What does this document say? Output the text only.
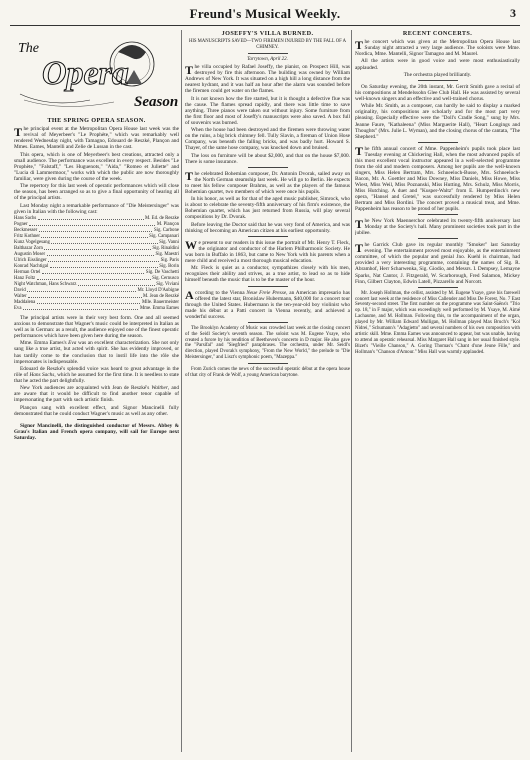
Freund's Musical Weekly.	3
The
Opera
Season

THE SPRING OPERA SEASON.

The principal event at the Metropolitan Opera House last week was the revival of Meyerbeer's "Le Prophète," which was remarkably well rendered Wednesday night, with Tamagno, Edouard de Reszké, Plançon and Mmes. Eames, Mantelli and Zelie de Lussan in the cast.

This opera, which is one of Meyerbeer's best creations, attracted only a small audience. The performance was excellent in every respect. Besides "Le Prophète," "Falstaff," "Les Huguenots," "Aida," "Romeo et Juliette" and "Lucia di Lammermoor," works with which the public are now thoroughly familiar, were given during the course of the week.

The repertory for this last week of operatic performances which will close the season, has been arranged so as to give a final opportunity of hearing all of the principal artists.

Last Monday night a remarkable performance of "Die Meistersinger" was given in Italian with the following cast:

Hans Sachs	M. Ed. de Reszke
Pogner	M. Plançon
Beckmesser	Sig. Carbone
Fritz Kothner	Sig. Campanari
Kunz Vogelgesang	Sig. Vanni
Balthazar Zorn	Sig. Rinaldini
Augustin Moser	Sig. Maestri
Ulrich Eisslinger	Sig. Paris
Konrad Nachtigal	Sig. Borin
Herman Ortel	Sig. De Vaschetti
Hanz Foltz	Sig. Cernusco
Night Watchman, Hans Schwarz	Sig. Viviani
David	Mr. Lloyd D'Aubigne
Walter	M. Jean de Reszké
Maddalena	Mlle. Bauermeister
Eva	Mme. Emma Eames

The principal artists were in their very best form. One and all seemed anxious to demonstrate that Wagner's music could be interpreted in Italian as well as in German: as a result, the audience enjoyed one of the finest operatic performances which have been given here during the season.

Mme. Emma Eames's Eva was an excellent characterization. She not only sang like a true artist, but acted with spirit. She has evidently improved, or has tardily come to the conclusion that to instil life into the rôle she impersonates is indispensable.

Edouard de Reszké's splendid voice was heard to great advantage in the rôle of Hans Sachs, which he assumed for the first time. It is needless to state that he acted the part delightfully.

New York audiences are acquainted with Jean de Reszké's Walther, and are aware that it would be difficult to find another tenor capable of impersonating the part with such artistic finish.

Plançon sang with excellent effect, and Signor Mancinelli fully demonstrated that he could conduct Wagner's music as well as any other.

Signor Mancinelli, the distinguished conductor of Messrs. Abbey & Grau's Italian and French opera company, will sail for Europe next Saturday.

JOSEFFY'S VILLA BURNED.

HIS MANUSCRIPTS SAVED—TWO FIREMEN INJURED BY THE FALL OF A CHIMNEY.

Tarrytown, April 22.

The villa occupied by Rafael Joseffy, the pianist, on Prospect Hill, was destroyed by fire this afternoon. The building was owned by William Andrews of New York. It was situated on a high hill a long distance from the nearest hydrant, and it was half an hour after the alarm was sounded before the firemen could get water on the flames.

It is not known how the fire started, but it is thought a defective flue was the cause. The flames spread rapidly, and there was little time to save anything. Three pianos were taken out without injury. Some furniture from the first floor and most of Joseffy's manuscripts were also saved. A box full of souvenirs was burned.

When the house had been destroyed and the firemen were throwing water on the ruins, a big brick chimney fell. Tully Slavin, a fireman of Union Hose Company, was beneath the falling bricks, and was badly hurt. Howard S. Thayer, of the same hose company, was knocked down and bruised.

The loss on furniture will be about $2,000, and that on the house $7,000. There is some insurance.

The celebrated Bohemian composer, Dr. Antonin Dvorak, sailed away on the North German steamship last week. He will go to Berlin. He expects to meet his fellow composer Brahms, as well as the players of the famous Bohemian quartet, two members of which were once his pupils.

In his honor, as well as for that of the aged music publisher, Simrock, who is about to celebrate the seventy-fifth anniversary of his firm's existence, the Bohemian quartet, which has just returned from Russia, will play several compositions by Dr. Dvorak.

Before leaving the Doctor said that he was very fond of America, and was thinking of becoming an American citizen at his earliest opportunity.

We present to our readers in this issue the portrait of Mr. Henry T. Fleck, the originator and conductor of the Harlem Philharmonic Society. He was born in Buffalo in 1863, but came to New York with his parents when a mere child and received a most thorough musical education.

Mr. Fleck is quiet as a conductor, sympathizes closely with his men, recognizes their ability and strives, as a true artist, to lead so as to hide himself beneath the music that is to be the master of the hour.

According to the Vienna Neue Freie Presse, an American impresario has offered the latest star, Bronislaw Hubermann, $40,000 for a concert tour through the United States. Hubermann is the ten-year-old boy violinist who made his début at a Patti concert in Vienna recently, and achieved a wonderful success.

The Brooklyn Academy of Music was crowded last week at the closing concert of the Seidl Society's seventh season. The soloist was M. Eugene Ysaye, who created a furore by his rendition of Beethoven's concerto in D major. He also gave the "Parsifal" and "Siegfried" paraphrases. The orchestra, under Mr. Seidl's direction, played Dvorak's symphony, "From the New World," the prelude to "Die Meistersinger," and Liszt's symphonic poem, "Mazeppa."

From Zurich comes the news of the successful operatic début at the opera house of that city of Frank de Wolf, a young American barytone.

RECENT CONCERTS.

The concert which was given at the Metropolitan Opera House last Sunday night attracted a very large audience. The soloists were Mme. Nordica, Mme. Mantelli, Signor Tamagno and M. Maurel.

All the artists were in good voice and were most enthusiastically applauded.

The orchestra played brilliantly.

On Saturday evening, the 20th instant, Mr. Gerrit Smith gave a recital of his compositions at Mendelssohn Glee Club Hall. He was assisted by several well-known singers and an effective and well-trained chorus.

While Mr. Smith, as a composer, can hardly be said to display a marked originality, his compositions are scholarly and for the most part very pleasing. Especially effective were the "Doll's Cradle Song," sung by Mrs. Jeanne Faure, "Kathaleena" (Miss Marguerite Hall), "Heart Longings and Thoughts" (Mrs. Julie L. Wyman), and the closing chorus of the cantata, "The Shepherd."

The fifth annual concert of Mme. Pappenheim's pupils took place last Tuesday evening at Chickering Hall, when the most advanced pupils of this most excellent vocal instructor appeared in a well-selected programme from the old and modern composers. Among her pupils are the well-known singers, Miss Helen Bertram, Mrs. Schneeloch-Busse, Mrs. Schneeloch-Bacon, Mr. A. Goettler and Miss Downey, Miss Daniels, Miss Howe, Miss Wiest, Miss Weil, Miss Poznanski, Miss Hutting, Mrs. Schulz, Miss Morris, Miss Hutching. A duet and "Kusper-Waltz" from E. Humperdinck's new opera, "Hansel and Gretel," was successfully rendered by Miss Helen Bertram and Miss Bordini. The concert proved a musical treat, and Mme. Pappenheim has reason to be proud of her pupils.

The New York Maennerchor celebrated its twenty-fifth anniversary last Monday at the Society's hall. Many prominent societies took part in the jubilee.

The Garrick Club gave its regular monthly "Smoker" last Saturday evening. The entertainment proved most enjoyable, as the entertainment committee, of which the popular and genial Jno. Kuehl is chairman, had provided a very interesting programme, containing the names of Sig. R. Abramhof, Herr Scharwenka, Sig. Giodio, and Messrs. I. Dempsey, Lemayne Sparks, Nat Cantor, J. Fitzgerald, W. Scarborough, Fred Salamon, Mickey Finn, Gilbert Clayton, Edwin Latell, Pizzarello and Norcott.

Mr. Joseph Hollman, the cellist, assisted by M. Eugene Ysaye, gave his farewell concert last week at the residence of Miss Callender and Miss De Forest, No. 7 East Seventy-second street. The first number on the programme was Saint-Saëns's "Trio op. 18," in F major, which was exceedingly well performed by M. Ysaye, M. Aimé Lachaume, and M. Hollman. Following this, to the accompaniment of the organ, played by Mr. William Edward Mulligan, M. Hollman played Max Bruch's "Kol Nidrei," Schumann's "Adagietto" and several numbers of his own composition with artistic skill. Mme. Emma Eames was announced to appear, but was unable, having to attend an operatic rehearsal. Miss Margaret Hall sang in her usual finished style. Bizet's "Vieille Chanson," A. Goring Thomas's "Chant d'une Jeune Fille," and Hollman's "Chanson d'Amour." Miss Hall was warmly applauded.
